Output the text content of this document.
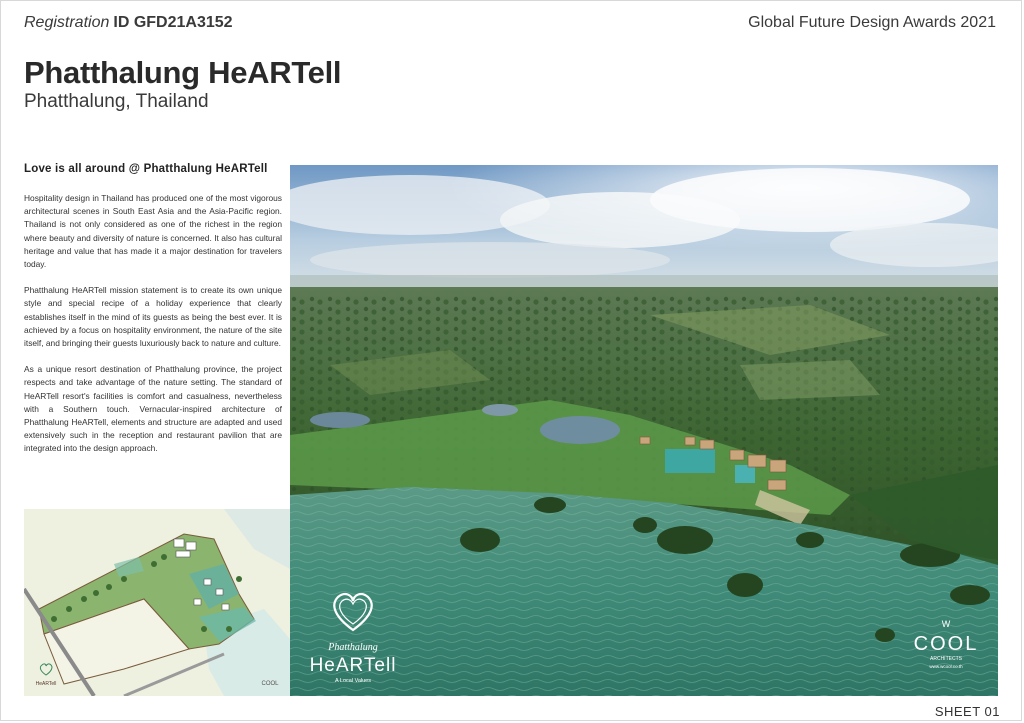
Registration ID GFD21A3152	Global Future Design Awards 2021
Phatthalung HeARTell
Phatthalung, Thailand
Love is all around @ Phatthalung HeARTell

Hospitality design in Thailand has produced one of the most vigorous architectural scenes in South East Asia and the Asia-Pacific region. Thailand is not only considered as one of the richest in the region where beauty and diversity of nature is concerned. It also has cultural heritage and value that has made it a major destination for travelers today.

Phatthalung HeARTell mission statement is to create its own unique style and special recipe of a holiday experience that clearly establishes itself in the mind of its guests as being the best ever. It is achieved by a focus on hospitality environment, the nature of the site itself, and bringing their guests luxuriously back to nature and culture.

As a unique resort destination of Phatthalung province, the project respects and take advantage of the nature setting. The standard of HeARTell resort's facilities is comfort and casualness, nevertheless with a Southern touch. Vernacular-inspired architecture of Phatthalung HeARTell, elements and structure are adapted and used extensively such in the reception and restaurant pavilion that are integrated into the design approach.

Phatthalung
HeARTell
A Local Values
W
COOL
ARCHITECTS
www.wcool.co.th
HeARTell	COOL
SHEET 01
